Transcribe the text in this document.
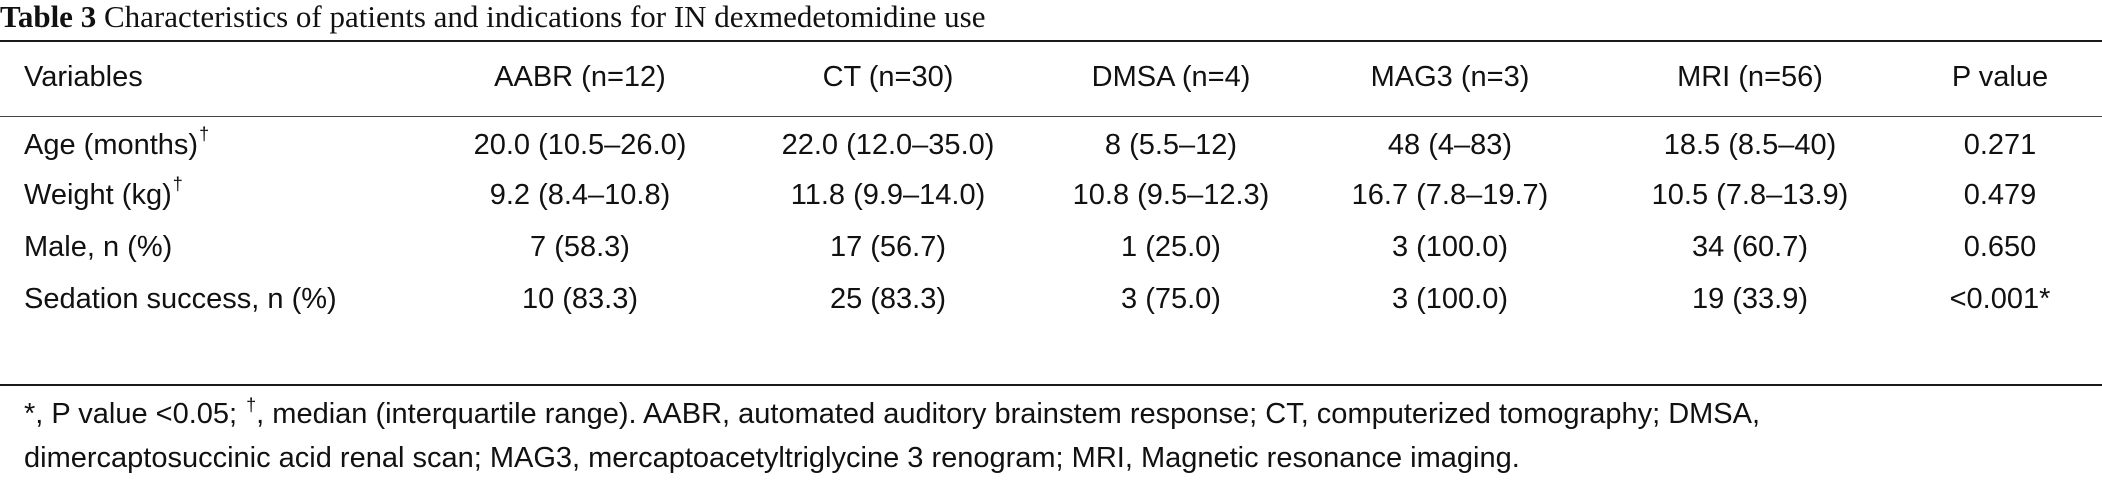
Table 3 Characteristics of patients and indications for IN dexmedetomidine use
Variables	AABR (n=12)	CT (n=30)	DMSA (n=4)	MAG3 (n=3)	MRI (n=56)	P value
Age (months)†	20.0 (10.5–26.0)	22.0 (12.0–35.0)	8 (5.5–12)	48 (4–83)	18.5 (8.5–40)	0.271
Weight (kg)†	9.2 (8.4–10.8)	11.8 (9.9–14.0)	10.8 (9.5–12.3)	16.7 (7.8–19.7)	10.5 (7.8–13.9)	0.479
Male, n (%)	7 (58.3)	17 (56.7)	1 (25.0)	3 (100.0)	34 (60.7)	0.650
Sedation success, n (%)	10 (83.3)	25 (83.3)	3 (75.0)	3 (100.0)	19 (33.9)	<0.001*
*, P value <0.05; †, median (interquartile range). AABR, automated auditory brainstem response; CT, computerized tomography; DMSA,
dimercaptosuccinic acid renal scan; MAG3, mercaptoacetyltriglycine 3 renogram; MRI, Magnetic resonance imaging.
